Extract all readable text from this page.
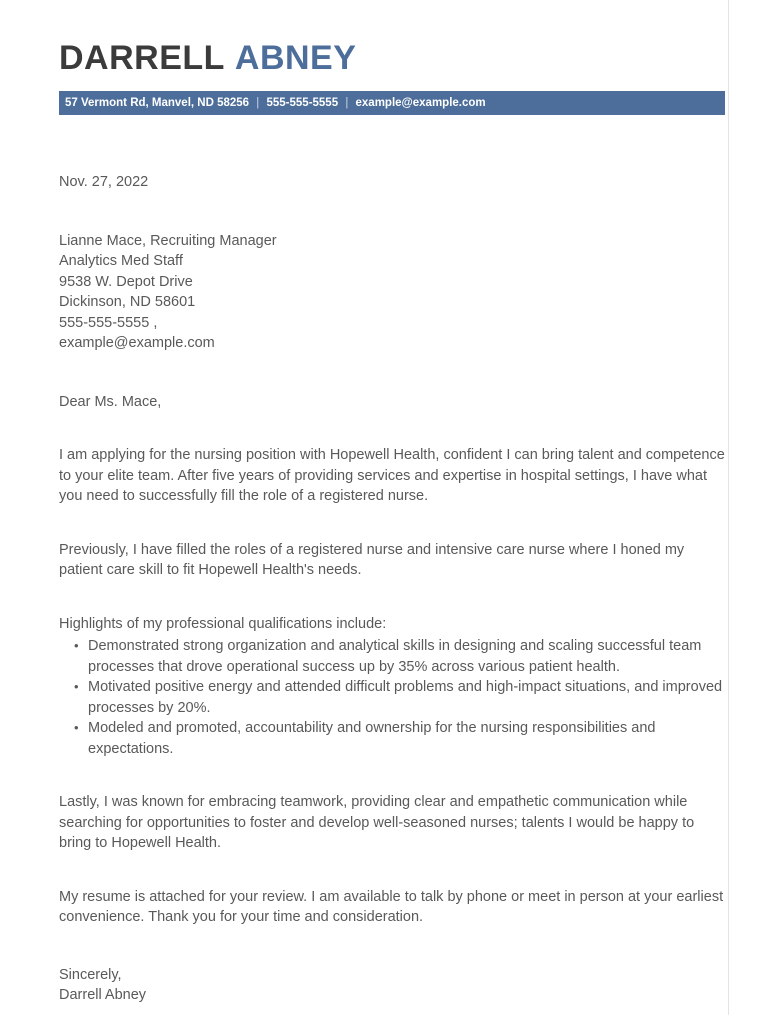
DARRELL ABNEY
57 Vermont Rd, Manvel, ND 58256 | 555-555-5555 | example@example.com

Nov. 27, 2022

Lianne Mace, Recruiting Manager
Analytics Med Staff
9538 W. Depot Drive
Dickinson, ND 58601
555-555-5555 ,
example@example.com

Dear Ms. Mace,

I am applying for the nursing position with Hopewell Health, confident I can bring talent and competence to your elite team. After five years of providing services and expertise in hospital settings, I have what you need to successfully fill the role of a registered nurse.

Previously, I have filled the roles of a registered nurse and intensive care nurse where I honed my patient care skill to fit Hopewell Health's needs.

Highlights of my professional qualifications include:

• Demonstrated strong organization and analytical skills in designing and scaling successful team processes that drove operational success up by 35% across various patient health.
• Motivated positive energy and attended difficult problems and high-impact situations, and improved processes by 20%.
• Modeled and promoted, accountability and ownership for the nursing responsibilities and expectations.

Lastly, I was known for embracing teamwork, providing clear and empathetic communication while searching for opportunities to foster and develop well-seasoned nurses; talents I would be happy to bring to Hopewell Health.

My resume is attached for your review. I am available to talk by phone or meet in person at your earliest convenience. Thank you for your time and consideration.

Sincerely,
Darrell Abney
